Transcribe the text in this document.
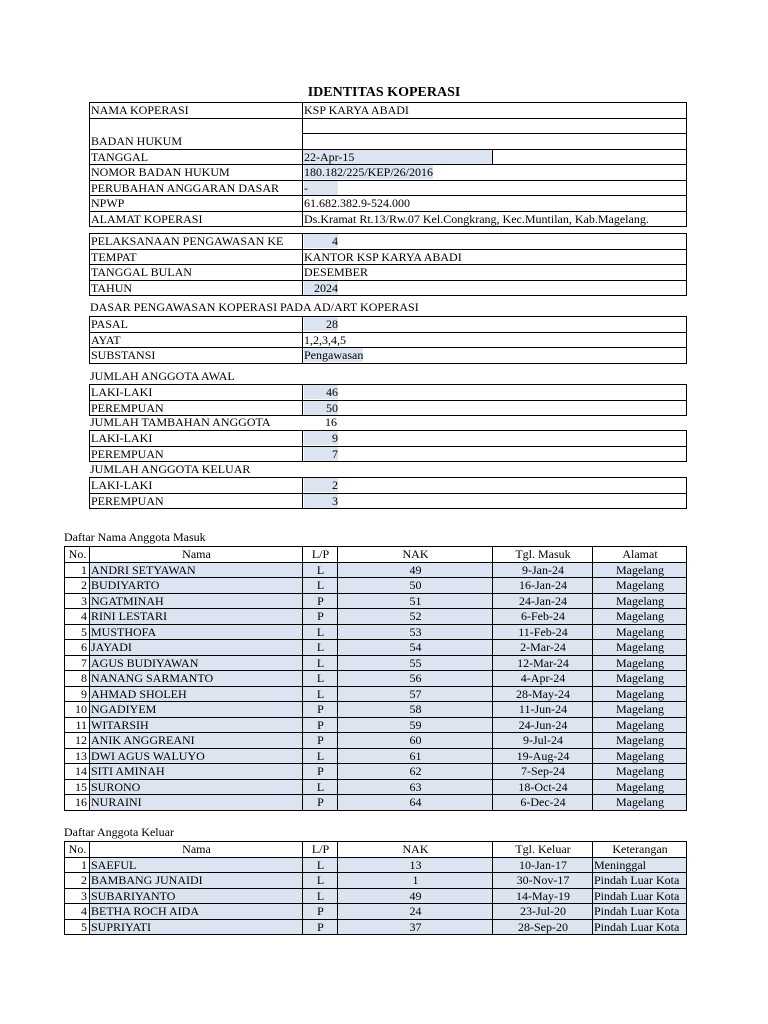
IDENTITAS KOPERASI
NAMA KOPERASI	KSP KARYA ABADI	

BADAN HUKUM		
TANGGAL	22-Apr-15	
NOMOR BADAN HUKUM	180.182/225/KEP/26/2016	
PERUBAHAN ANGGARAN DASAR	-	
NPWP	61.682.382.9-524.000	
ALAMAT KOPERASI	Ds.Kramat Rt.13/Rw.07 Kel.Congkrang, Kec.Muntilan, Kab.Magelang.	
PELAKSANAAN PENGAWASAN KE	4
TEMPAT	KANTOR KSP KARYA ABADI
TANGGAL BULAN	DESEMBER
TAHUN	2024
DASAR PENGAWASAN KOPERASI PADA AD/ART KOPERASI
PASAL	28
AYAT	1,2,3,4,5
SUBSTANSI	Pengawasan
JUMLAH ANGGOTA AWAL
LAKI-LAKI	46
PEREMPUAN	50
JUMLAH TAMBAHAN ANGGOTA	16
LAKI-LAKI	9
PEREMPUAN	7
JUMLAH ANGGOTA KELUAR
LAKI-LAKI	2
PEREMPUAN	3
Daftar Nama Anggota Masuk
No.	Nama	L/P	NAK	Tgl. Masuk	Alamat
1	ANDRI SETYAWAN	L	49	9-Jan-24	Magelang
2	BUDIYARTO	L	50	16-Jan-24	Magelang
3	NGATMINAH	P	51	24-Jan-24	Magelang
4	RINI LESTARI	P	52	6-Feb-24	Magelang
5	MUSTHOFA	L	53	11-Feb-24	Magelang
6	JAYADI	L	54	2-Mar-24	Magelang
7	AGUS BUDIYAWAN	L	55	12-Mar-24	Magelang
8	NANANG SARMANTO	L	56	4-Apr-24	Magelang
9	AHMAD SHOLEH	L	57	28-May-24	Magelang
10	NGADIYEM	P	58	11-Jun-24	Magelang
11	WITARSIH	P	59	24-Jun-24	Magelang
12	ANIK ANGGREANI	P	60	9-Jul-24	Magelang
13	DWI AGUS WALUYO	L	61	19-Aug-24	Magelang
14	SITI AMINAH	P	62	7-Sep-24	Magelang
15	SURONO	L	63	18-Oct-24	Magelang
16	NURAINI	P	64	6-Dec-24	Magelang
Daftar Anggota Keluar
No.	Nama	L/P	NAK	Tgl. Keluar	Keterangan
1	SAEFUL	L	13	10-Jan-17	Meninggal
2	BAMBANG JUNAIDI	L	1	30-Nov-17	Pindah Luar Kota
3	SUBARIYANTO	L	49	14-May-19	Pindah Luar Kota
4	BETHA ROCH AIDA	P	24	23-Jul-20	Pindah Luar Kota
5	SUPRIYATI	P	37	28-Sep-20	Pindah Luar Kota
